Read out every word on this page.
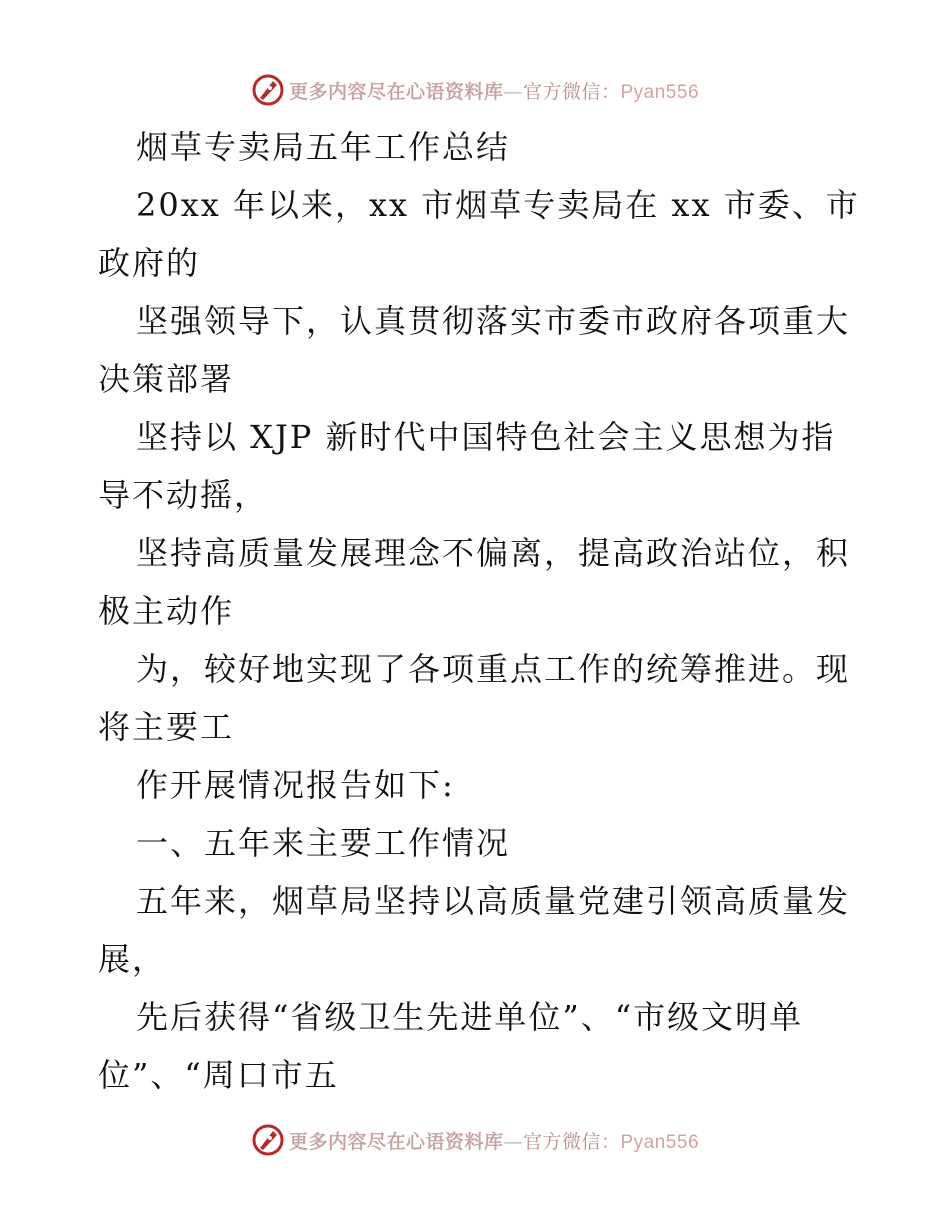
更多内容尽在心语资料库—官方微信：Pyan556
烟草专卖局五年工作总结
20xx 年以来，xx 市烟草专卖局在 xx 市委、市
政府的
坚强领导下，认真贯彻落实市委市政府各项重大
决策部署
坚持以 XJP 新时代中国特色社会主义思想为指
导不动摇，
坚持高质量发展理念不偏离，提高政治站位，积
极主动作
为，较好地实现了各项重点工作的统筹推进。现
将主要工
作开展情况报告如下:
一、五年来主要工作情况
五年来，烟草局坚持以高质量党建引领高质量发
展，
先后获得“省级卫生先进单位”、“市级文明单
位”、“周口市五
更多内容尽在心语资料库—官方微信：Pyan556
